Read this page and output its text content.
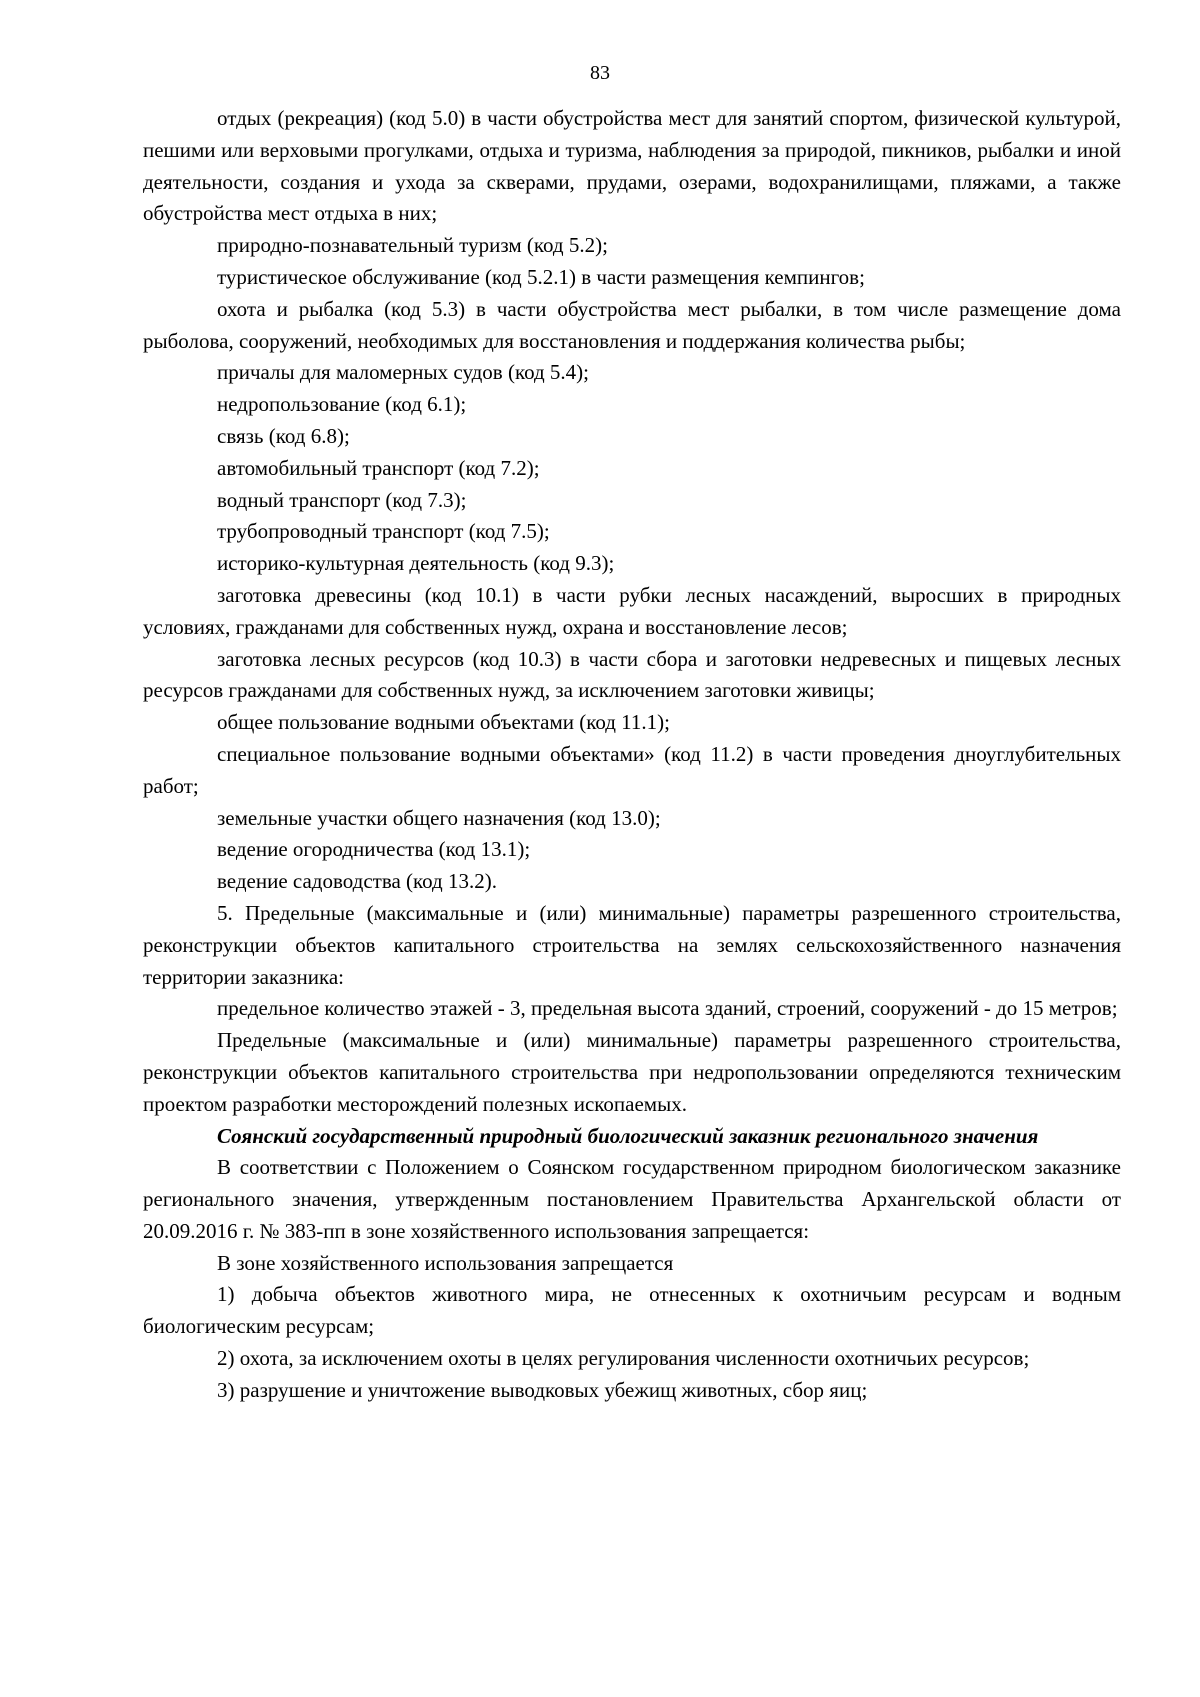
83

отдых (рекреация) (код 5.0) в части обустройства мест для занятий спортом, физической культурой, пешими или верховыми прогулками, отдыха и туризма, наблюдения за природой, пикников, рыбалки и иной деятельности, создания и ухода за скверами, прудами, озерами, водохранилищами, пляжами, а также обустройства мест отдыха в них;

природно-познавательный туризм (код 5.2);

туристическое обслуживание (код 5.2.1) в части размещения кемпингов;

охота и рыбалка (код 5.3) в части обустройства мест рыбалки, в том числе размещение дома рыболова, сооружений, необходимых для восстановления и поддержания количества рыбы;

причалы для маломерных судов (код 5.4);

недропользование (код 6.1);

связь (код 6.8);

автомобильный транспорт (код 7.2);

водный транспорт (код 7.3);

трубопроводный транспорт (код 7.5);

историко-культурная деятельность (код 9.3);

заготовка древесины (код 10.1) в части рубки лесных насаждений, выросших в природных условиях, гражданами для собственных нужд, охрана и восстановление лесов;

заготовка лесных ресурсов (код 10.3) в части сбора и заготовки недревесных и пищевых лесных ресурсов гражданами для собственных нужд, за исключением заготовки живицы;

общее пользование водными объектами (код 11.1);

специальное пользование водными объектами» (код 11.2) в части проведения дноуглубительных работ;

земельные участки общего назначения (код 13.0);

ведение огородничества (код 13.1);

ведение садоводства (код 13.2).

5. Предельные (максимальные и (или) минимальные) параметры разрешенного строительства, реконструкции объектов капитального строительства на землях сельскохозяйственного назначения территории заказника:

предельное количество этажей - 3, предельная высота зданий, строений, сооружений - до 15 метров;

Предельные (максимальные и (или) минимальные) параметры разрешенного строительства, реконструкции объектов капитального строительства при недропользовании определяются техническим проектом разработки месторождений полезных ископаемых.

Соянский государственный природный биологический заказник регионального значения

В соответствии с Положением о Соянском государственном природном биологическом заказнике регионального значения, утвержденным постановлением Правительства Архангельской области от 20.09.2016 г. № 383-пп в зоне хозяйственного использования запрещается:

В зоне хозяйственного использования запрещается

1) добыча объектов животного мира, не отнесенных к охотничьим ресурсам и водным биологическим ресурсам;

2) охота, за исключением охоты в целях регулирования численности охотничьих ресурсов;

3) разрушение и уничтожение выводковых убежищ животных, сбор яиц;
